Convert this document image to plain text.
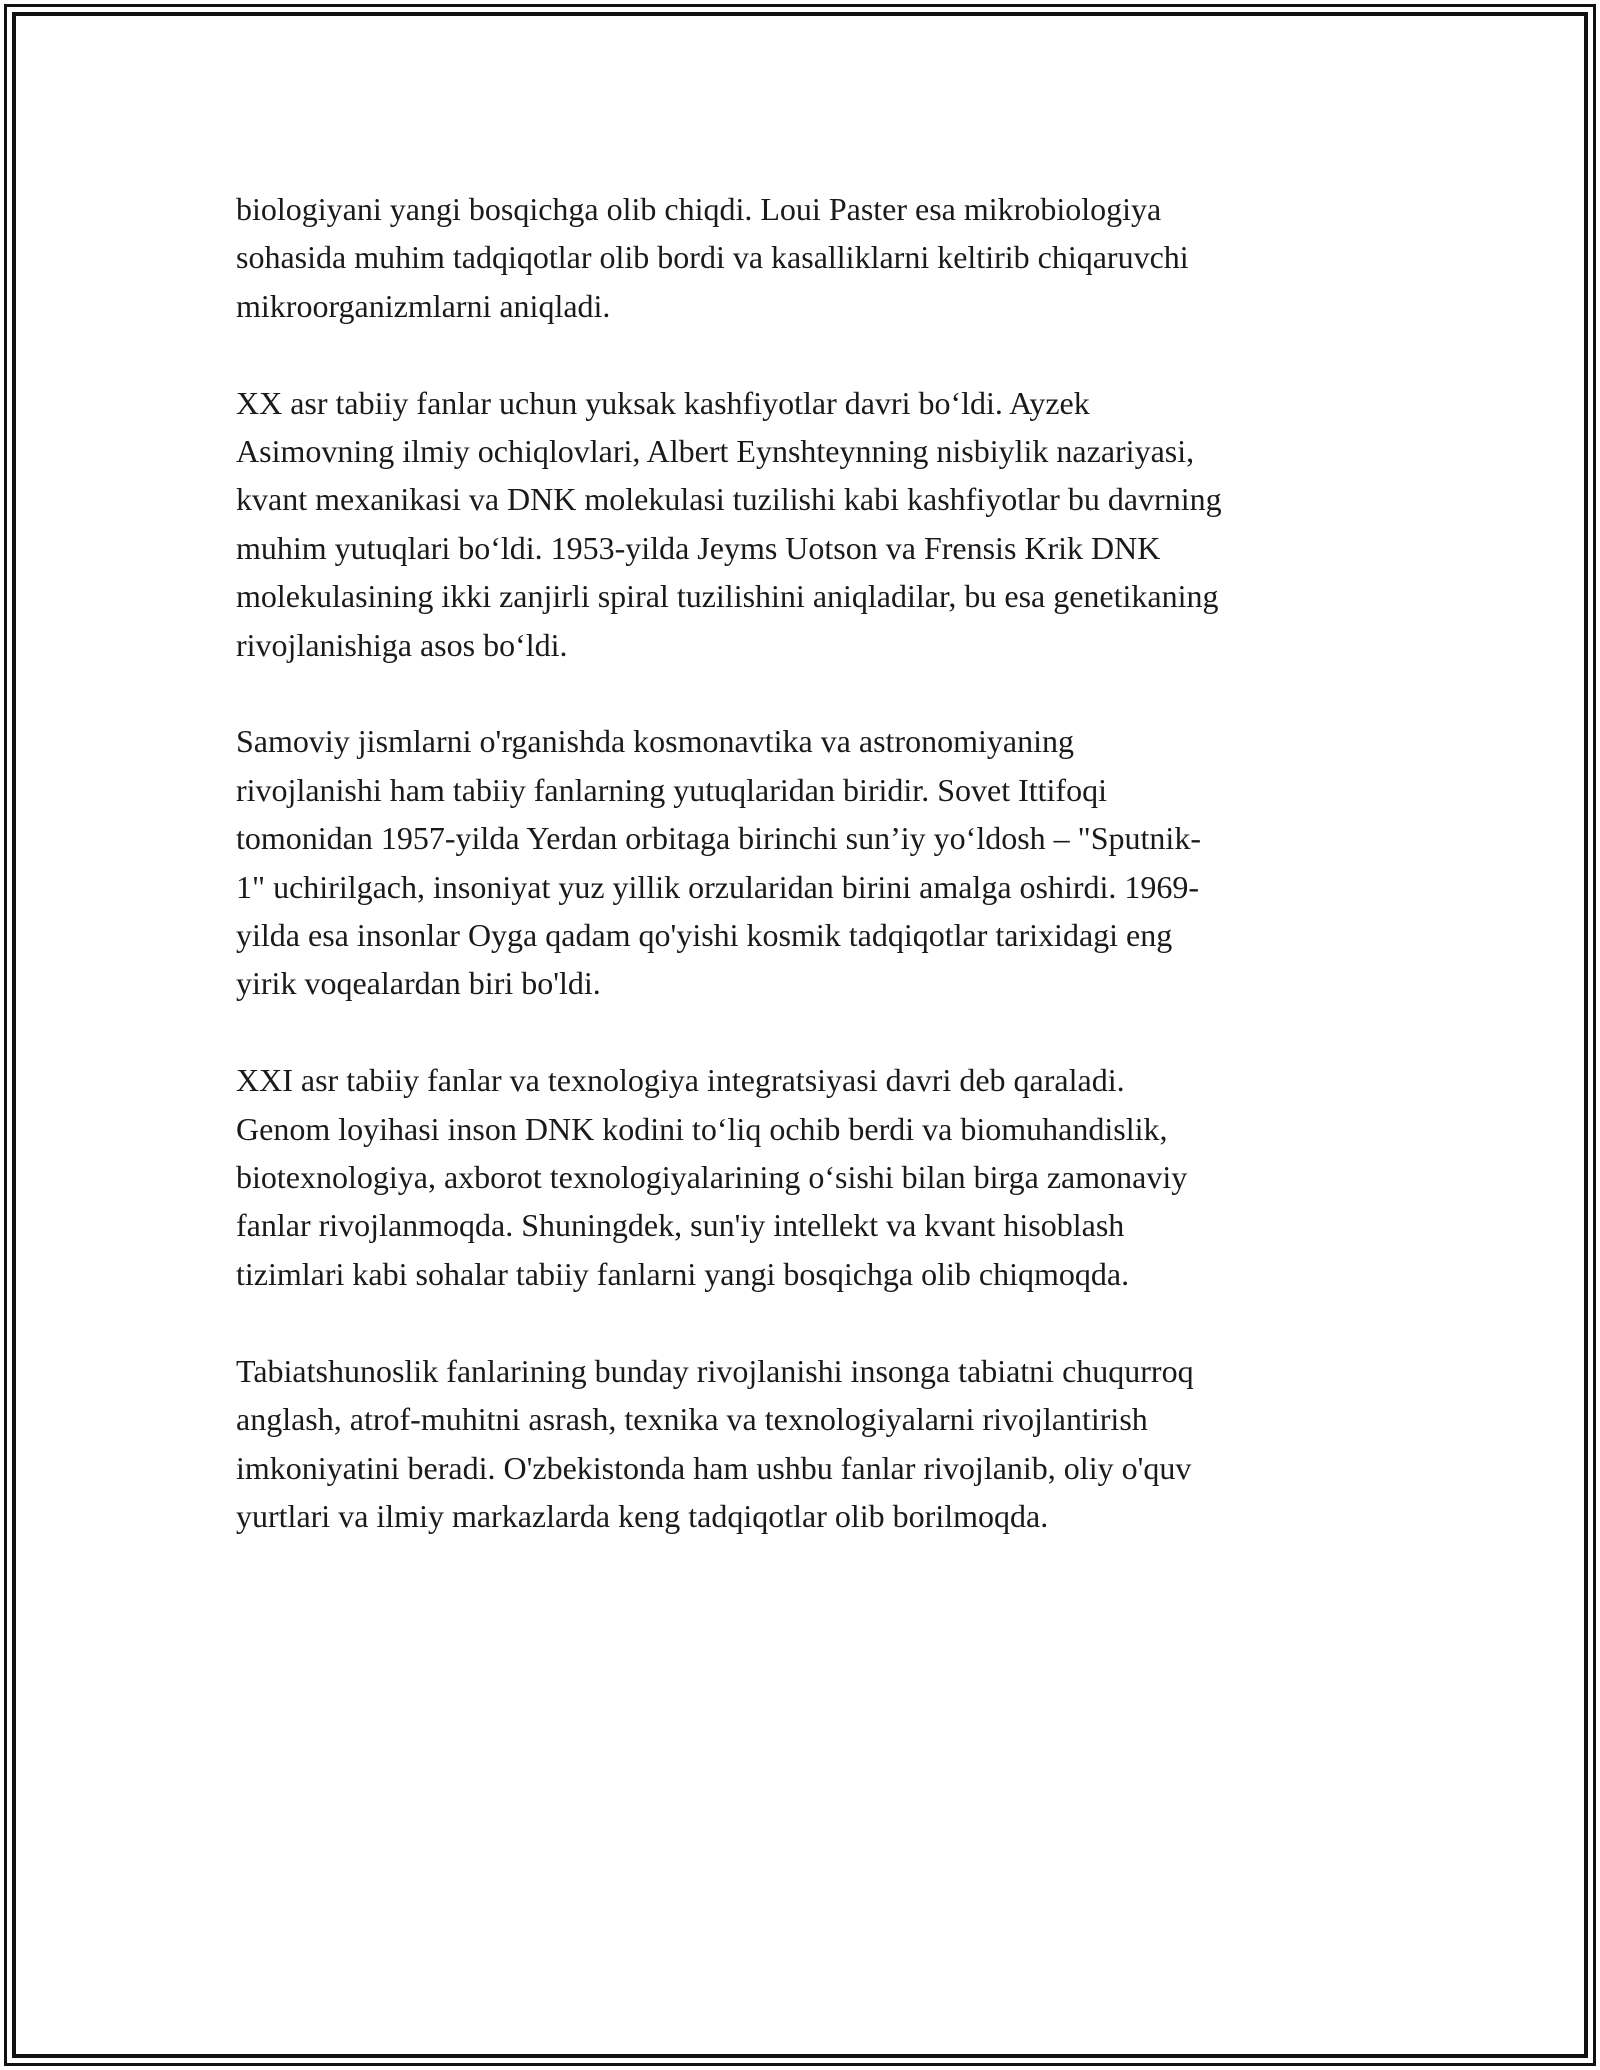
biologiyani yangi bosqichga olib chiqdi. Loui Paster esa mikrobiologiya
sohasida muhim tadqiqotlar olib bordi va kasalliklarni keltirib chiqaruvchi
mikroorganizmlarni aniqladi.
XX asr tabiiy fanlar uchun yuksak kashfiyotlar davri bo‘ldi. Ayzek
Asimovning ilmiy ochiqlovlari, Albert Eynshteynning nisbiylik nazariyasi,
kvant mexanikasi va DNK molekulasi tuzilishi kabi kashfiyotlar bu davrning
muhim yutuqlari bo‘ldi. 1953-yilda Jeyms Uotson va Frensis Krik DNK
molekulasining ikki zanjirli spiral tuzilishini aniqladilar, bu esa genetikaning
rivojlanishiga asos bo‘ldi.
Samoviy jismlarni o'rganishda kosmonavtika va astronomiyaning
rivojlanishi ham tabiiy fanlarning yutuqlaridan biridir. Sovet Ittifoqi
tomonidan 1957-yilda Yerdan orbitaga birinchi sun’iy yo‘ldosh – "Sputnik-
1" uchirilgach, insoniyat yuz yillik orzularidan birini amalga oshirdi. 1969-
yilda esa insonlar Oyga qadam qo'yishi kosmik tadqiqotlar tarixidagi eng
yirik voqealardan biri bo'ldi.
XXI asr tabiiy fanlar va texnologiya integratsiyasi davri deb qaraladi.
Genom loyihasi inson DNK kodini to‘liq ochib berdi va biomuhandislik,
biotexnologiya, axborot texnologiyalarining o‘sishi bilan birga zamonaviy
fanlar rivojlanmoqda. Shuningdek, sun'iy intellekt va kvant hisoblash
tizimlari kabi sohalar tabiiy fanlarni yangi bosqichga olib chiqmoqda.
Tabiatshunoslik fanlarining bunday rivojlanishi insonga tabiatni chuqurroq
anglash, atrof-muhitni asrash, texnika va texnologiyalarni rivojlantirish
imkoniyatini beradi. O'zbekistonda ham ushbu fanlar rivojlanib, oliy o'quv
yurtlari va ilmiy markazlarda keng tadqiqotlar olib borilmoqda.
